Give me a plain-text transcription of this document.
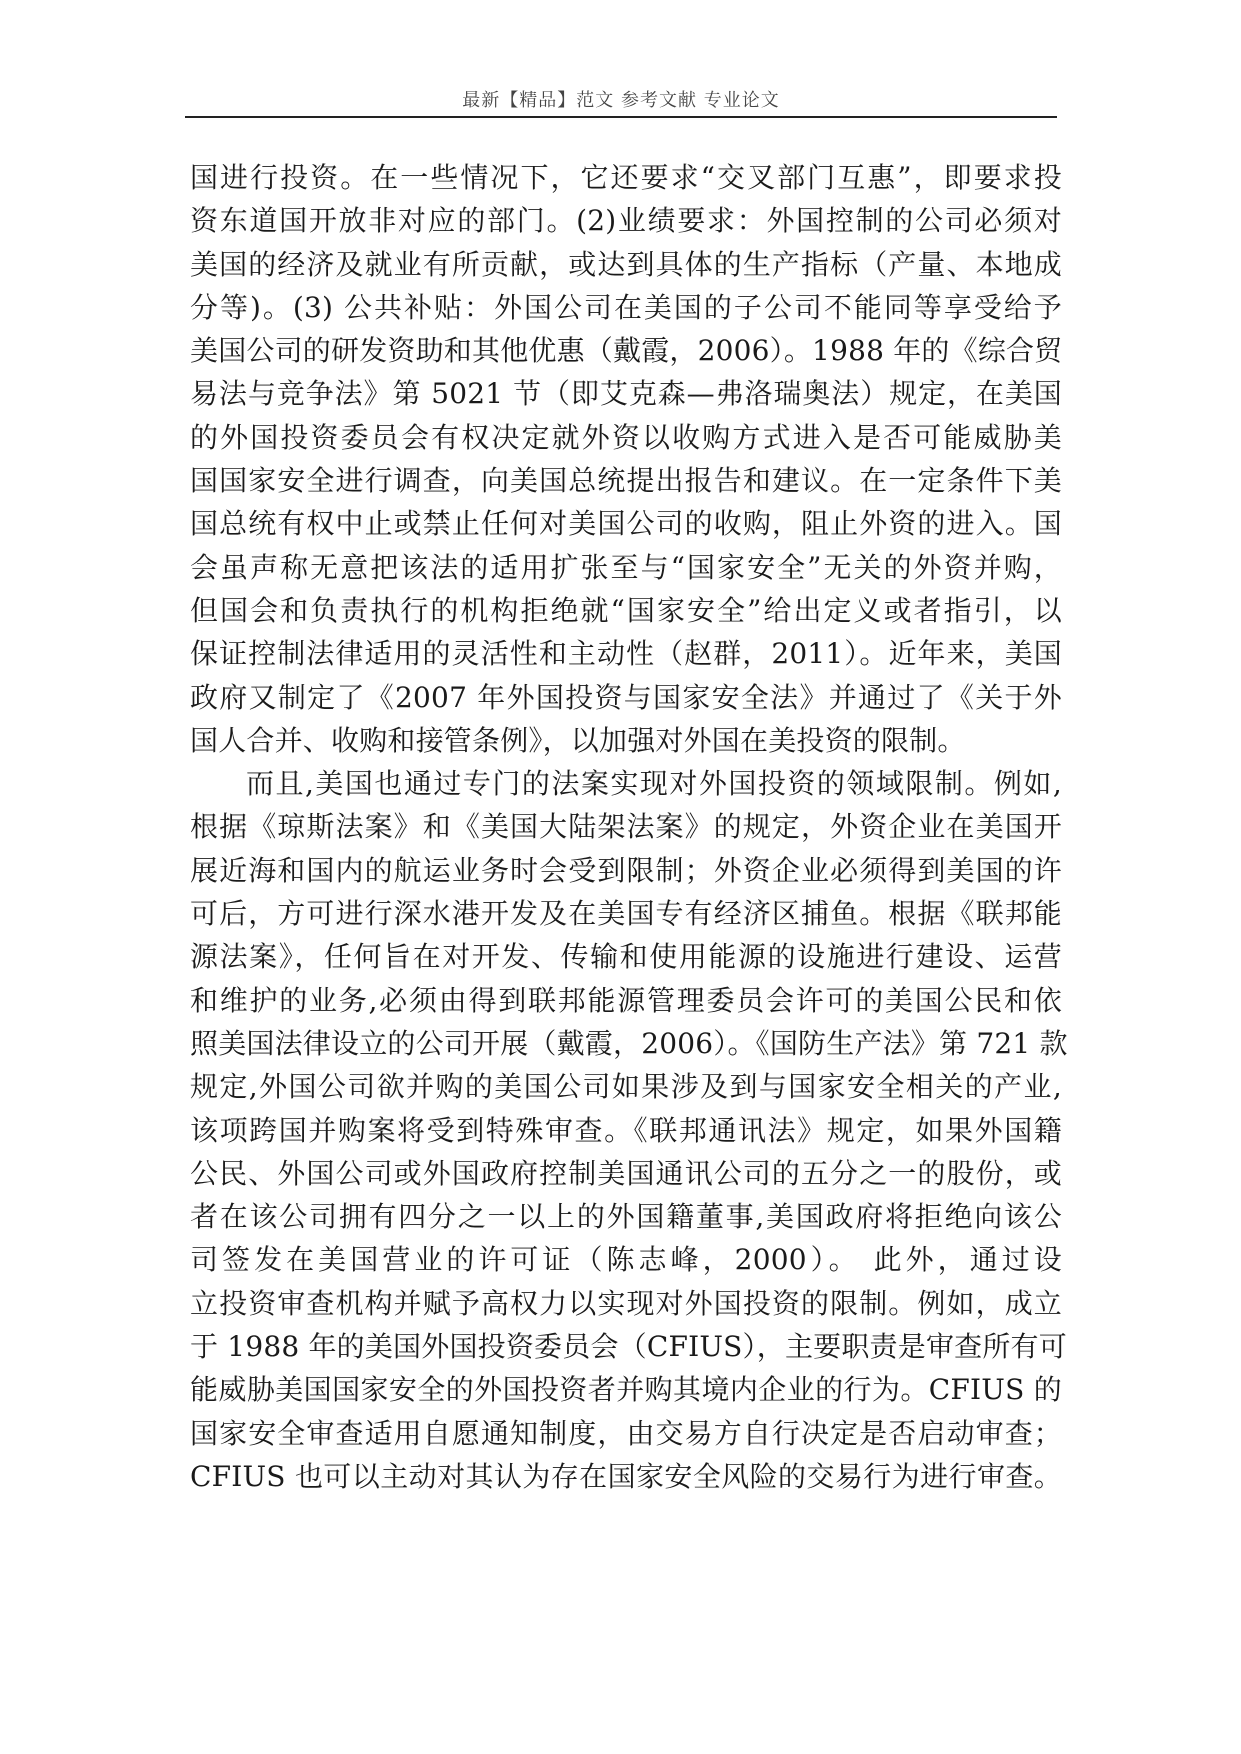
最新【精品】范文 参考文献 专业论文
国进行投资。在一些情况下，它还要求“交叉部门互惠”，即要求投
资东道国开放非对应的部门。(2)业绩要求：外国控制的公司必须对
美国的经济及就业有所贡献，或达到具体的生产指标（产量、本地成
分等)。(3) 公共补贴：外国公司在美国的子公司不能同等享受给予
美国公司的研发资助和其他优惠（戴霞，2006）。1988 年的《综合贸
易法与竞争法》第 5021 节（即艾克森—弗洛瑞奥法）规定，在美国
的外国投资委员会有权决定就外资以收购方式进入是否可能威胁美
国国家安全进行调查，向美国总统提出报告和建议。在一定条件下美
国总统有权中止或禁止任何对美国公司的收购，阻止外资的进入。国
会虽声称无意把该法的适用扩张至与“国家安全”无关的外资并购，
但国会和负责执行的机构拒绝就“国家安全”给出定义或者指引，以
保证控制法律适用的灵活性和主动性（赵群，2011）。近年来，美国
政府又制定了《2007 年外国投资与国家安全法》并通过了《关于外
国人合并、收购和接管条例》，以加强对外国在美投资的限制。
而且,美国也通过专门的法案实现对外国投资的领域限制。例如,
根据《琼斯法案》和《美国大陆架法案》的规定，外资企业在美国开
展近海和国内的航运业务时会受到限制；外资企业必须得到美国的许
可后，方可进行深水港开发及在美国专有经济区捕鱼。根据《联邦能
源法案》，任何旨在对开发、传输和使用能源的设施进行建设、运营
和维护的业务,必须由得到联邦能源管理委员会许可的美国公民和依
照美国法律设立的公司开展（戴霞，2006）。《国防生产法》第 721 款
规定,外国公司欲并购的美国公司如果涉及到与国家安全相关的产业,
该项跨国并购案将受到特殊审查。《联邦通讯法》规定，如果外国籍
公民、外国公司或外国政府控制美国通讯公司的五分之一的股份，或
者在该公司拥有四分之一以上的外国籍董事,美国政府将拒绝向该公
司签发在美国营业的许可证（陈志峰，2000）。 此外，通过设
立投资审查机构并赋予高权力以实现对外国投资的限制。例如，成立
于 1988 年的美国外国投资委员会（CFIUS），主要职责是审查所有可
能威胁美国国家安全的外国投资者并购其境内企业的行为。CFIUS 的
国家安全审查适用自愿通知制度，由交易方自行决定是否启动审查；
CFIUS 也可以主动对其认为存在国家安全风险的交易行为进行审查。
